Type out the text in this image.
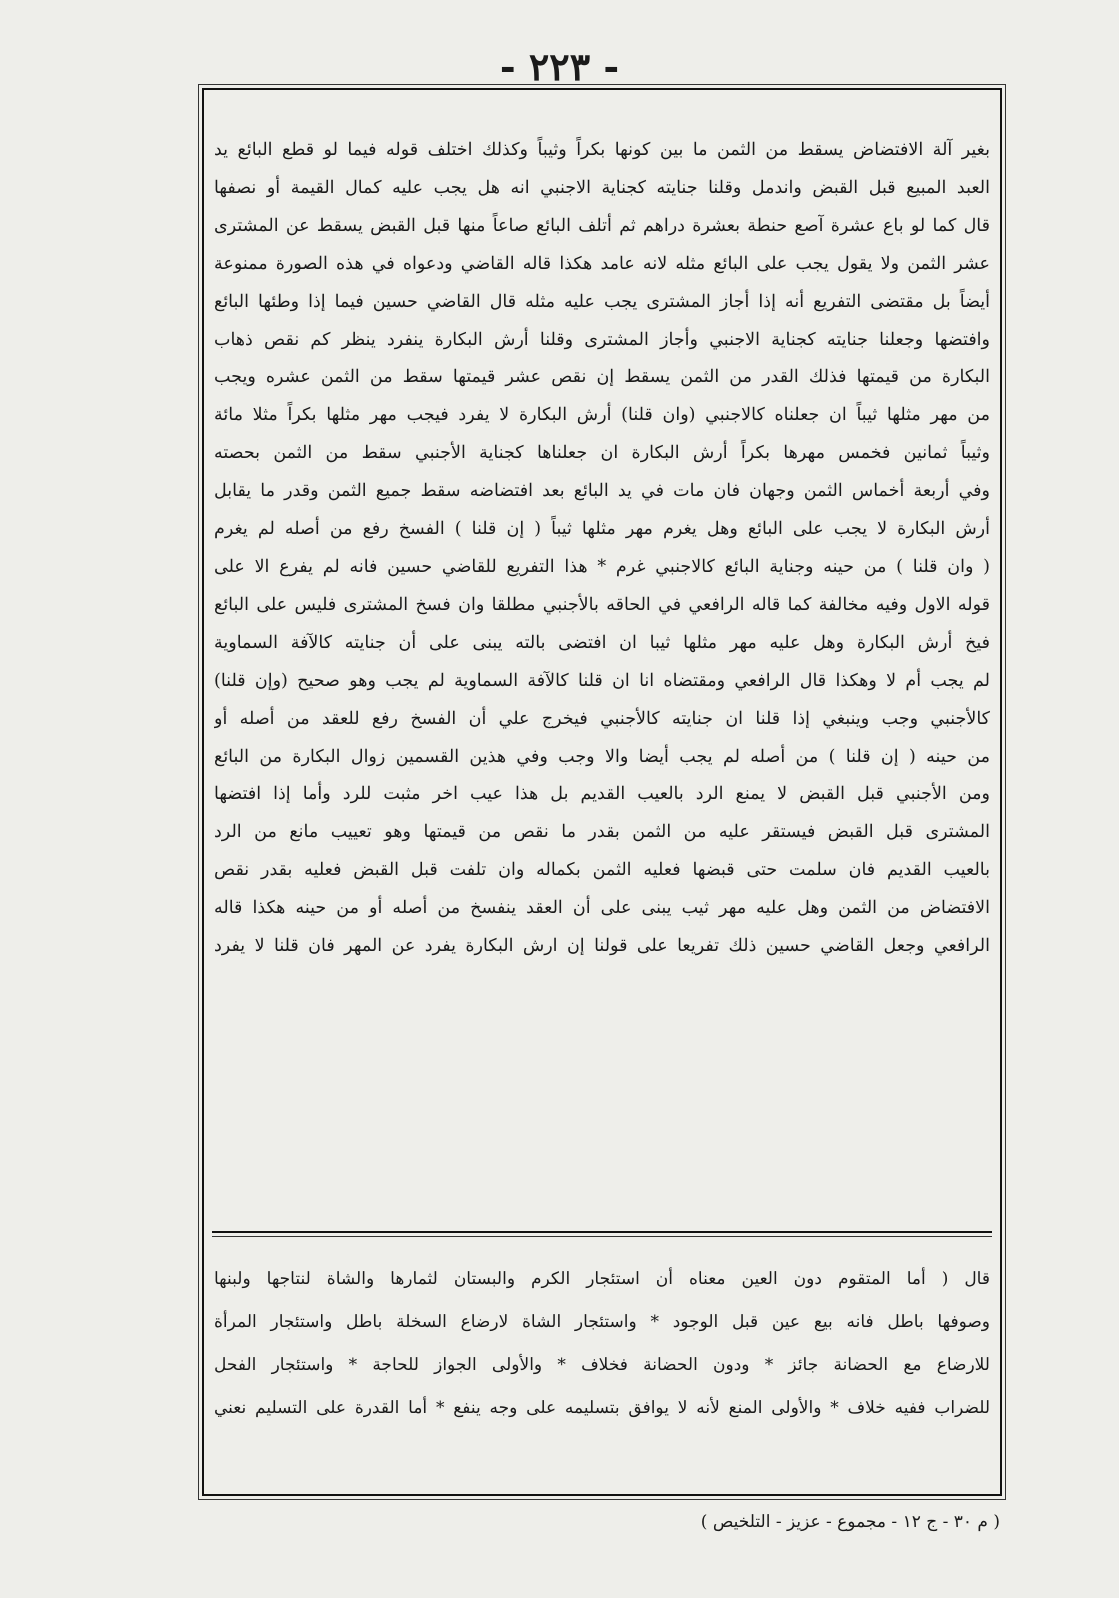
- ٢٢٣ -
بغير آلة الافتضاض يسقط من الثمن ما بين كونها بكراً وثيباً وكذلك اختلف قوله فيما لو قطع البائع يد
العبد المبيع قبل القبض واندمل وقلنا جنايته كجناية الاجنبي انه هل يجب عليه كمال القيمة أو نصفها
قال كما لو باع عشرة آصع حنطة بعشرة دراهم ثم أتلف البائع صاعاً منها قبل القبض يسقط عن المشترى
عشر الثمن ولا يقول يجب على البائع مثله لانه عامد هكذا قاله القاضي ودعواه في هذه الصورة ممنوعة
أيضاً بل مقتضى التفريع أنه إذا أجاز المشترى يجب عليه مثله قال القاضي حسين فيما إذا وطئها البائع
وافتضها وجعلنا جنايته كجناية الاجنبي وأجاز المشترى وقلنا أرش البكارة ينفرد ينظر كم نقص ذهاب
البكارة من قيمتها فذلك القدر من الثمن يسقط إن نقص عشر قيمتها سقط من الثمن عشره ويجب
من مهر مثلها ثيباً ان جعلناه كالاجنبي (وان قلنا) أرش البكارة لا يفرد فيجب مهر مثلها بكراً مثلا مائة
وثيباً ثمانين فخمس مهرها بكراً أرش البكارة ان جعلناها كجناية الأجنبي سقط من الثمن بحصته
وفي أربعة أخماس الثمن وجهان فان مات في يد البائع بعد افتضاضه سقط جميع الثمن وقدر ما يقابل
أرش البكارة لا يجب على البائع وهل يغرم مهر مثلها ثيباً ( إن قلنا ) الفسخ رفع من أصله لم يغرم
( وان قلنا ) من حينه وجناية البائع كالاجنبي غرم * هذا التفريع للقاضي حسين فانه لم يفرع الا على
قوله الاول وفيه مخالفة كما قاله الرافعي في الحاقه بالأجنبي مطلقا وان فسخ المشترى فليس على البائع
فيخ أرش البكارة وهل عليه مهر مثلها ثيبا ان افتضى بالته يبنى على أن جنايته كالآفة السماوية
لم يجب أم لا وهكذا قال الرافعي ومقتضاه انا ان قلنا كالآفة السماوية لم يجب وهو صحيح (وإن قلنا)
كالأجنبي وجب وينبغي إذا قلنا ان جنايته كالأجنبي فيخرج علي أن الفسخ رفع للعقد من أصله أو
من حينه ( إن قلنا ) من أصله لم يجب أيضا والا وجب وفي هذين القسمين زوال البكارة من البائع
ومن الأجنبي قبل القبض لا يمنع الرد بالعيب القديم بل هذا عيب اخر مثبت للرد وأما إذا افتضها
المشترى قبل القبض فيستقر عليه من الثمن بقدر ما نقص من قيمتها وهو تعييب مانع من الرد
بالعيب القديم فان سلمت حتى قبضها فعليه الثمن بكماله وان تلفت قبل القبض فعليه بقدر نقص
الافتضاض من الثمن وهل عليه مهر ثيب يبنى على أن العقد ينفسخ من أصله أو من حينه هكذا قاله
الرافعي وجعل القاضي حسين ذلك تفريعا على قولنا إن ارش البكارة يفرد عن المهر فان قلنا لا يفرد
قال ( أما المتقوم دون العين معناه أن استئجار الكرم والبستان لثمارها والشاة لنتاجها ولبنها
وصوفها باطل فانه بيع عين قبل الوجود * واستئجار الشاة لارضاع السخلة باطل واستئجار المرأة
للارضاع مع الحضانة جائز * ودون الحضانة فخلاف * والأولى الجواز للحاجة * واستئجار الفحل
للضراب ففيه خلاف * والأولى المنع لأنه لا يوافق بتسليمه على وجه ينفع * أما القدرة على التسليم نعني
( م ٣٠ - ج ١٢ - مجموع - عزيز - التلخيص )
